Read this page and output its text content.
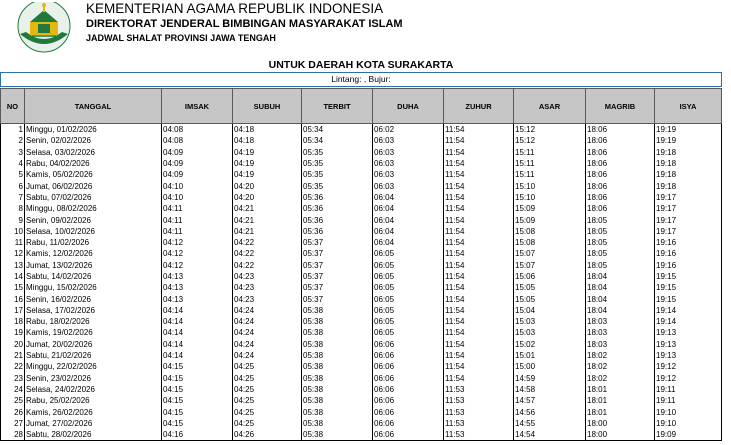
KEMENTERIAN AGAMA REPUBLIK INDONESIA
DIREKTORAT JENDERAL BIMBINGAN MASYARAKAT ISLAM
JADWAL SHALAT PROVINSI JAWA TENGAH
UNTUK DAERAH KOTA SURAKARTA
Lintang: , Bujur:
NO	TANGGAL	IMSAK	SUBUH	TERBIT	DUHA	ZUHUR	ASAR	MAGRIB	ISYA
1	Minggu, 01/02/2026	04:08	04:18	05:34	06:02	11:54	15:12	18:06	19:19
2	Senin, 02/02/2026	04:08	04:18	05:34	06:03	11:54	15:12	18:06	19:19
3	Selasa, 03/02/2026	04:09	04:19	05:35	06:03	11:54	15:11	18:06	19:18
4	Rabu, 04/02/2026	04:09	04:19	05:35	06:03	11:54	15:11	18:06	19:18
5	Kamis, 05/02/2026	04:09	04:19	05:35	06:03	11:54	15:11	18:06	19:18
6	Jumat, 06/02/2026	04:10	04:20	05:35	06:03	11:54	15:10	18:06	19:18
7	Sabtu, 07/02/2026	04:10	04:20	05:36	06:04	11:54	15:10	18:06	19:17
8	Minggu, 08/02/2026	04:11	04:21	05:36	06:04	11:54	15:09	18:06	19:17
9	Senin, 09/02/2026	04:11	04:21	05:36	06:04	11:54	15:09	18:05	19:17
10	Selasa, 10/02/2026	04:11	04:21	05:36	06:04	11:54	15:08	18:05	19:17
11	Rabu, 11/02/2026	04:12	04:22	05:37	06:04	11:54	15:08	18:05	19:16
12	Kamis, 12/02/2026	04:12	04:22	05:37	06:05	11:54	15:07	18:05	19:16
13	Jumat, 13/02/2026	04:12	04:22	05:37	06:05	11:54	15:07	18:05	19:16
14	Sabtu, 14/02/2026	04:13	04:23	05:37	06:05	11:54	15:06	18:04	19:15
15	Minggu, 15/02/2026	04:13	04:23	05:37	06:05	11:54	15:05	18:04	19:15
16	Senin, 16/02/2026	04:13	04:23	05:37	06:05	11:54	15:05	18:04	19:15
17	Selasa, 17/02/2026	04:14	04:24	05:38	06:05	11:54	15:04	18:04	19:14
18	Rabu, 18/02/2026	04:14	04:24	05:38	06:05	11:54	15:03	18:03	19:14
19	Kamis, 19/02/2026	04:14	04:24	05:38	06:05	11:54	15:03	18:03	19:13
20	Jumat, 20/02/2026	04:14	04:24	05:38	06:06	11:54	15:02	18:03	19:13
21	Sabtu, 21/02/2026	04:14	04:24	05:38	06:06	11:54	15:01	18:02	19:13
22	Minggu, 22/02/2026	04:15	04:25	05:38	06:06	11:54	15:00	18:02	19:12
23	Senin, 23/02/2026	04:15	04:25	05:38	06:06	11:54	14:59	18:02	19:12
24	Selasa, 24/02/2026	04:15	04:25	05:38	06:06	11:53	14:58	18:01	19:11
25	Rabu, 25/02/2026	04:15	04:25	05:38	06:06	11:53	14:57	18:01	19:11
26	Kamis, 26/02/2026	04:15	04:25	05:38	06:06	11:53	14:56	18:01	19:10
27	Jumat, 27/02/2026	04:15	04:25	05:38	06:06	11:53	14:55	18:00	19:10
28	Sabtu, 28/02/2026	04:16	04:26	05:38	06:06	11:53	14:54	18:00	19:09
